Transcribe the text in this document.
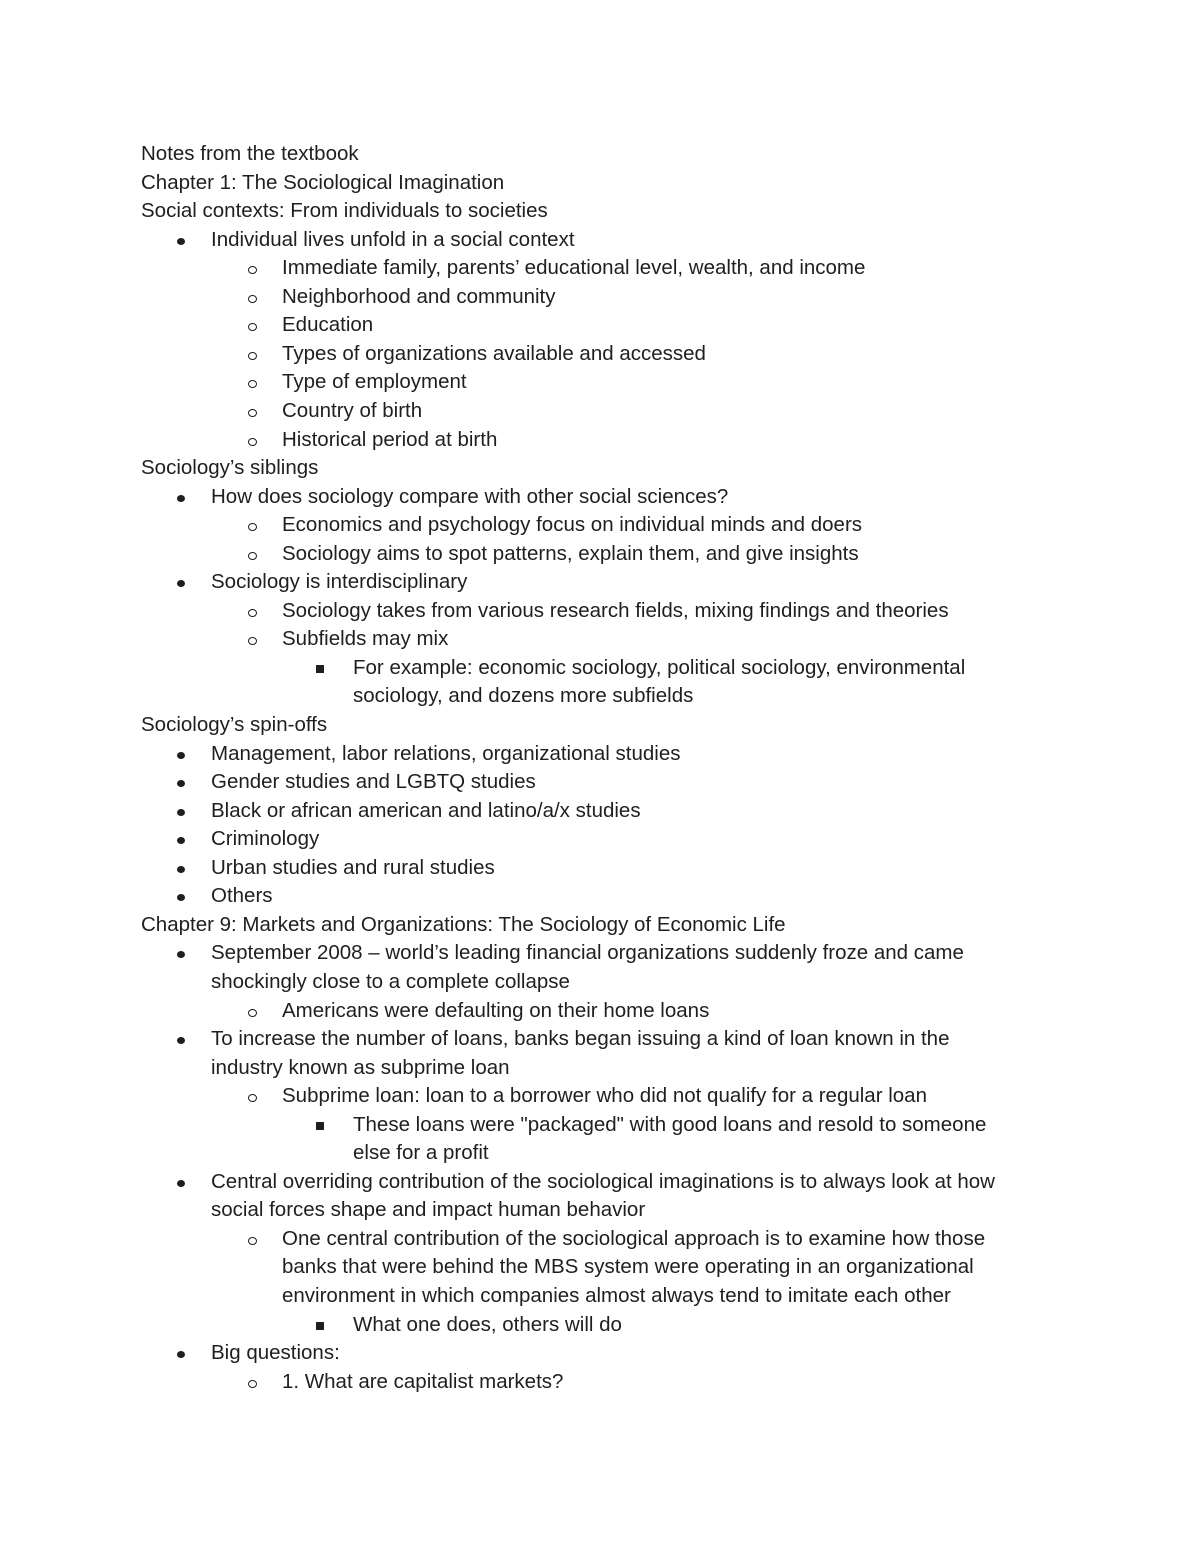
Notes from the textbook
Chapter 1: The Sociological Imagination
Social contexts: From individuals to societies
Individual lives unfold in a social context
Immediate family, parents’ educational level, wealth, and income
Neighborhood and community
Education
Types of organizations available and accessed
Type of employment
Country of birth
Historical period at birth
Sociology’s siblings
How does sociology compare with other social sciences?
Economics and psychology focus on individual minds and doers
Sociology aims to spot patterns, explain them, and give insights
Sociology is interdisciplinary
Sociology takes from various research fields, mixing findings and theories
Subfields may mix
For example: economic sociology, political sociology, environmental
sociology, and dozens more subfields
Sociology’s spin-offs
Management, labor relations, organizational studies
Gender studies and LGBTQ studies
Black or african american and latino/a/x studies
Criminology
Urban studies and rural studies
Others
Chapter 9: Markets and Organizations: The Sociology of Economic Life
September 2008 – world’s leading financial organizations suddenly froze and came
shockingly close to a complete collapse
Americans were defaulting on their home loans
To increase the number of loans, banks began issuing a kind of loan known in the
industry known as subprime loan
Subprime loan: loan to a borrower who did not qualify for a regular loan
These loans were "packaged" with good loans and resold to someone
else for a profit
Central overriding contribution of the sociological imaginations is to always look at how
social forces shape and impact human behavior
One central contribution of the sociological approach is to examine how those
banks that were behind the MBS system were operating in an organizational
environment in which companies almost always tend to imitate each other
What one does, others will do
Big questions:
1. What are capitalist markets?
